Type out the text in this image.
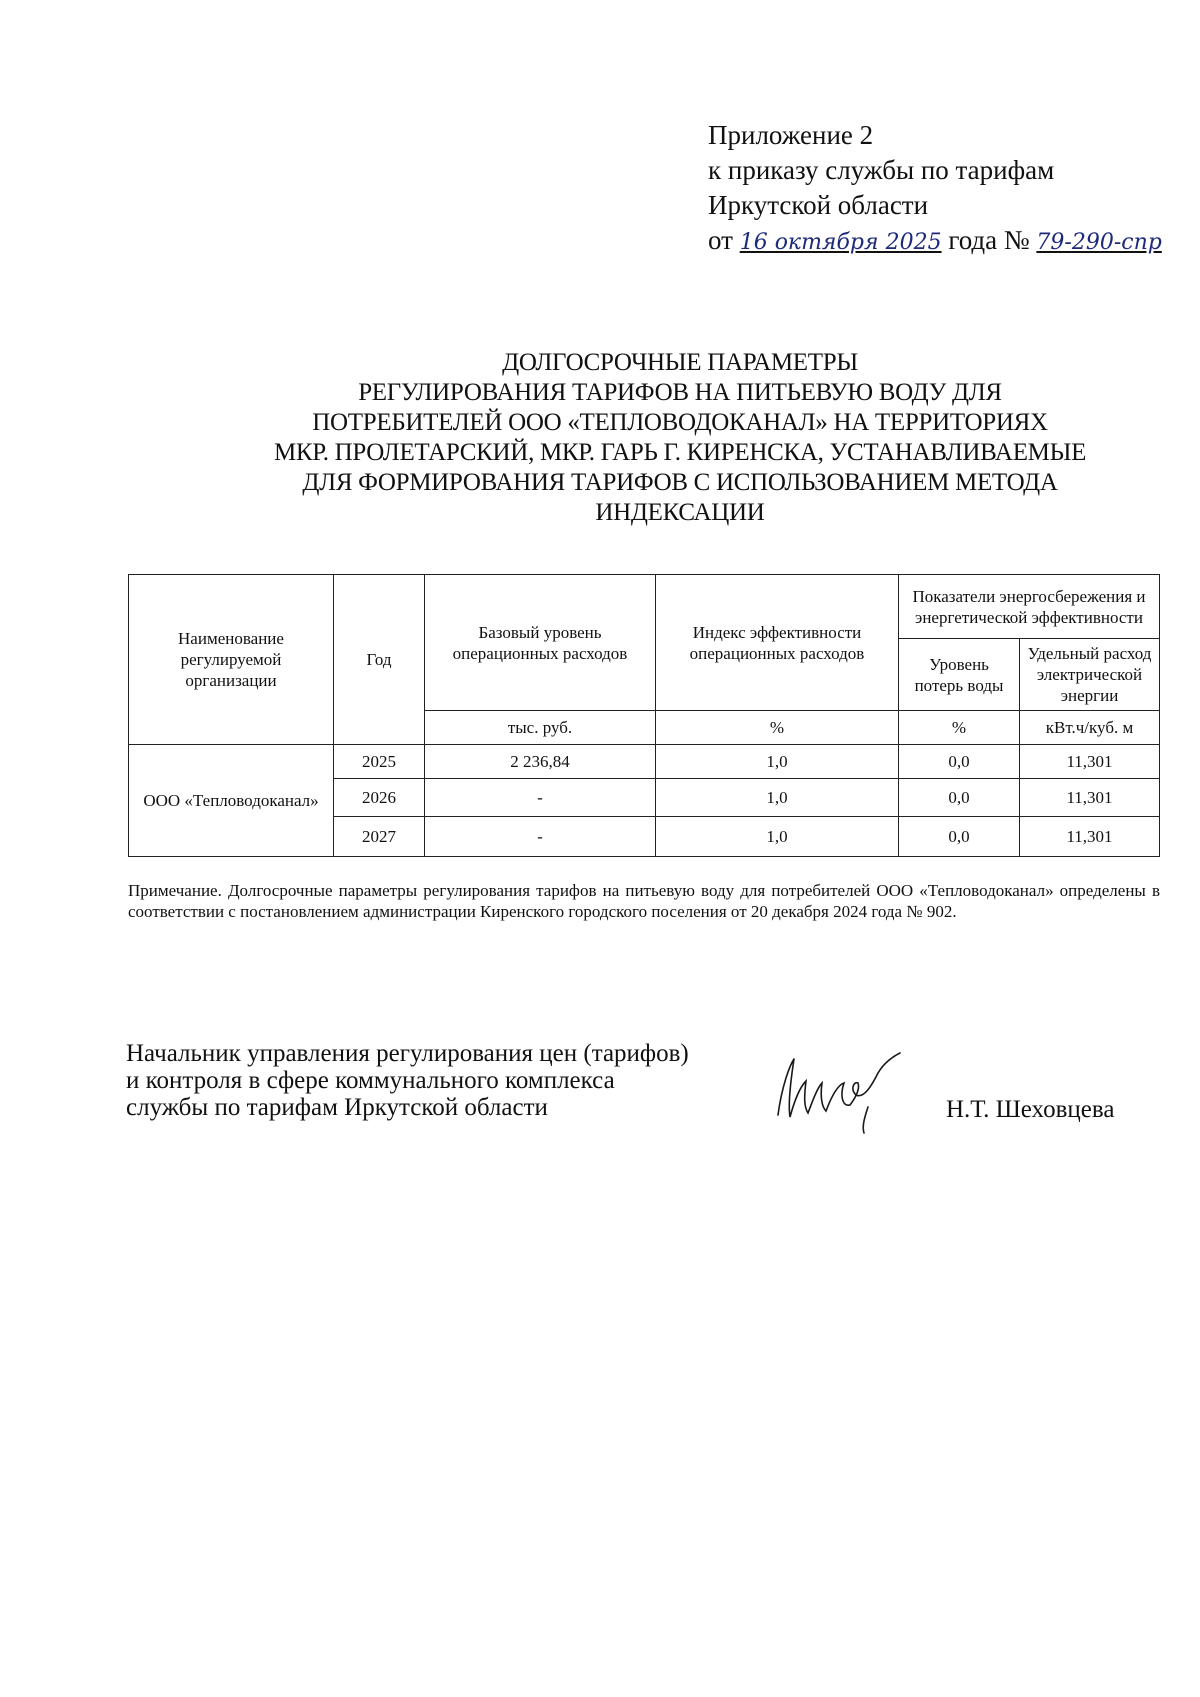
Приложение 2
к приказу службы по тарифам
Иркутской области
от 16 октября 2025 года № 79-290-спр
ДОЛГОСРОЧНЫЕ ПАРАМЕТРЫ
РЕГУЛИРОВАНИЯ ТАРИФОВ НА ПИТЬЕВУЮ ВОДУ ДЛЯ
ПОТРЕБИТЕЛЕЙ ООО «ТЕПЛОВОДОКАНАЛ» НА ТЕРРИТОРИЯХ
МКР. ПРОЛЕТАРСКИЙ, МКР. ГАРЬ Г. КИРЕНСКА, УСТАНАВЛИВАЕМЫЕ
ДЛЯ ФОРМИРОВАНИЯ ТАРИФОВ С ИСПОЛЬЗОВАНИЕМ МЕТОДА
ИНДЕКСАЦИИ
Наименование регулируемой организации	Год	Базовый уровень операционных расходов	Индекс эффективности операционных расходов	Показатели энергосбережения и энергетической эффективности	
				Уровень потерь воды	Удельный расход электрической энергии
		тыс. руб.	%	%	кВт.ч/куб. м
ООО «Тепловодоканал»	2025	2 236,84	1,0	0,0	11,301
	2026	-	1,0	0,0	11,301
	2027	-	1,0	0,0	11,301
Примечание. Долгосрочные параметры регулирования тарифов на питьевую воду для потребителей ООО «Тепловодоканал» определены в соответствии с постановлением администрации Киренского городского поселения от 20 декабря 2024 года № 902.
Начальник управления регулирования цен (тарифов)
и контроля в сфере коммунального комплекса
службы по тарифам Иркутской области	Н.Т. Шеховцева
